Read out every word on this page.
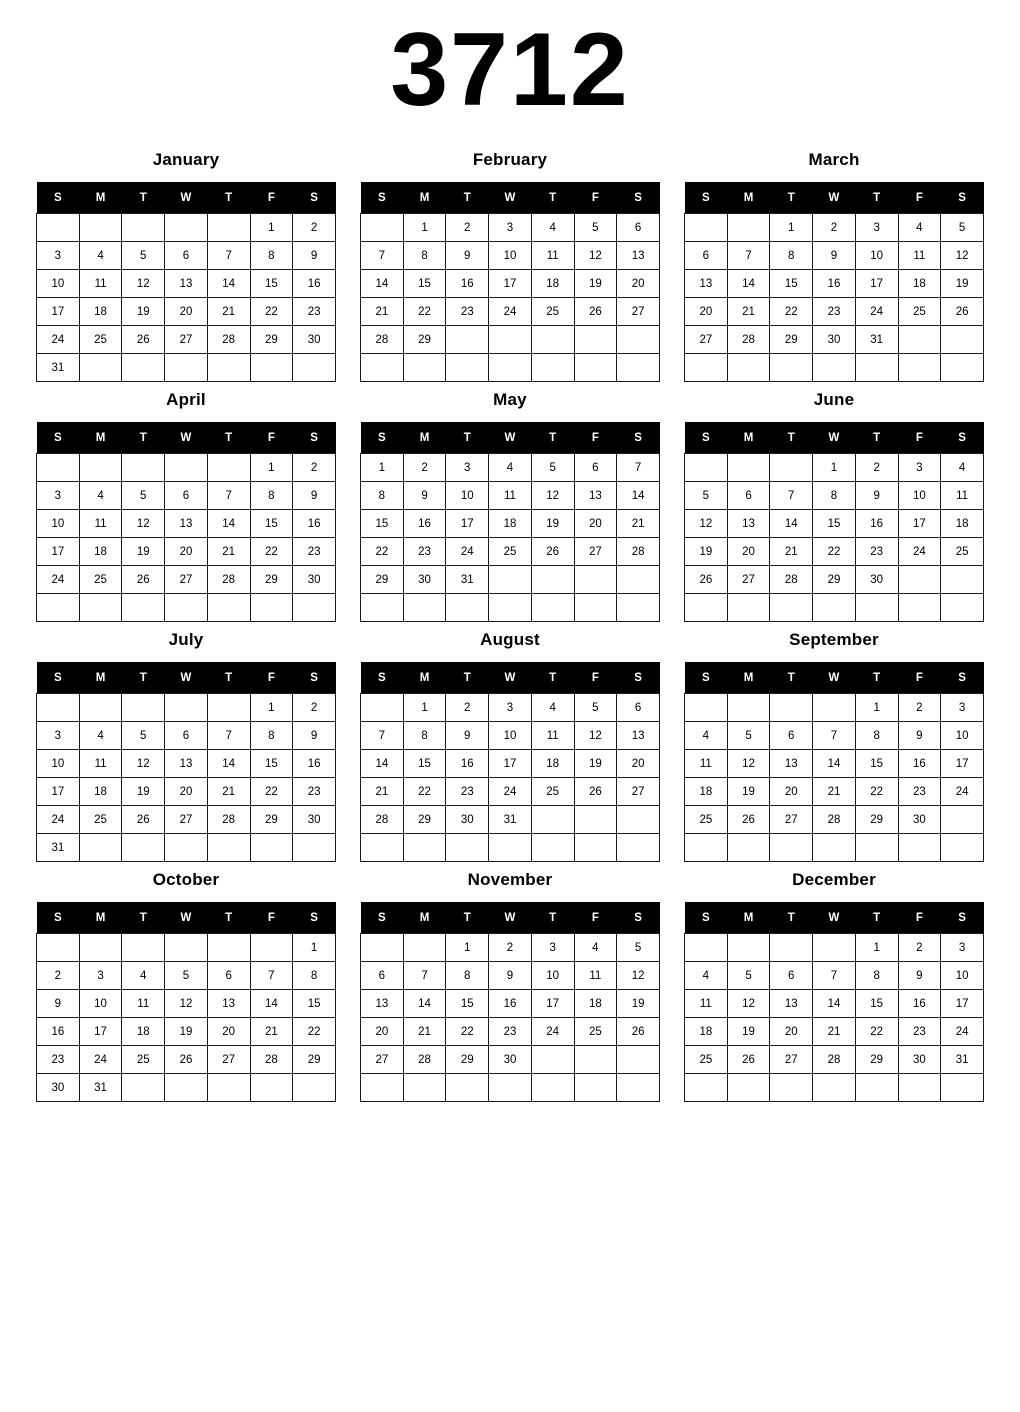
3712
January
S	M	T	W	T	F	S
					1	2
3	4	5	6	7	8	9
10	11	12	13	14	15	16
17	18	19	20	21	22	23
24	25	26	27	28	29	30
31						
February
S	M	T	W	T	F	S
	1	2	3	4	5	6
7	8	9	10	11	12	13
14	15	16	17	18	19	20
21	22	23	24	25	26	27
28	29					

March
S	M	T	W	T	F	S
		1	2	3	4	5
6	7	8	9	10	11	12
13	14	15	16	17	18	19
20	21	22	23	24	25	26
27	28	29	30	31		

April
S	M	T	W	T	F	S
					1	2
3	4	5	6	7	8	9
10	11	12	13	14	15	16
17	18	19	20	21	22	23
24	25	26	27	28	29	30

May
S	M	T	W	T	F	S
1	2	3	4	5	6	7
8	9	10	11	12	13	14
15	16	17	18	19	20	21
22	23	24	25	26	27	28
29	30	31				

June
S	M	T	W	T	F	S
			1	2	3	4
5	6	7	8	9	10	11
12	13	14	15	16	17	18
19	20	21	22	23	24	25
26	27	28	29	30		

July
S	M	T	W	T	F	S
					1	2
3	4	5	6	7	8	9
10	11	12	13	14	15	16
17	18	19	20	21	22	23
24	25	26	27	28	29	30
31						
August
S	M	T	W	T	F	S
	1	2	3	4	5	6
7	8	9	10	11	12	13
14	15	16	17	18	19	20
21	22	23	24	25	26	27
28	29	30	31			

September
S	M	T	W	T	F	S
				1	2	3
4	5	6	7	8	9	10
11	12	13	14	15	16	17
18	19	20	21	22	23	24
25	26	27	28	29	30	

October
S	M	T	W	T	F	S
						1
2	3	4	5	6	7	8
9	10	11	12	13	14	15
16	17	18	19	20	21	22
23	24	25	26	27	28	29
30	31					
November
S	M	T	W	T	F	S
		1	2	3	4	5
6	7	8	9	10	11	12
13	14	15	16	17	18	19
20	21	22	23	24	25	26
27	28	29	30			

December
S	M	T	W	T	F	S
				1	2	3
4	5	6	7	8	9	10
11	12	13	14	15	16	17
18	19	20	21	22	23	24
25	26	27	28	29	30	31
